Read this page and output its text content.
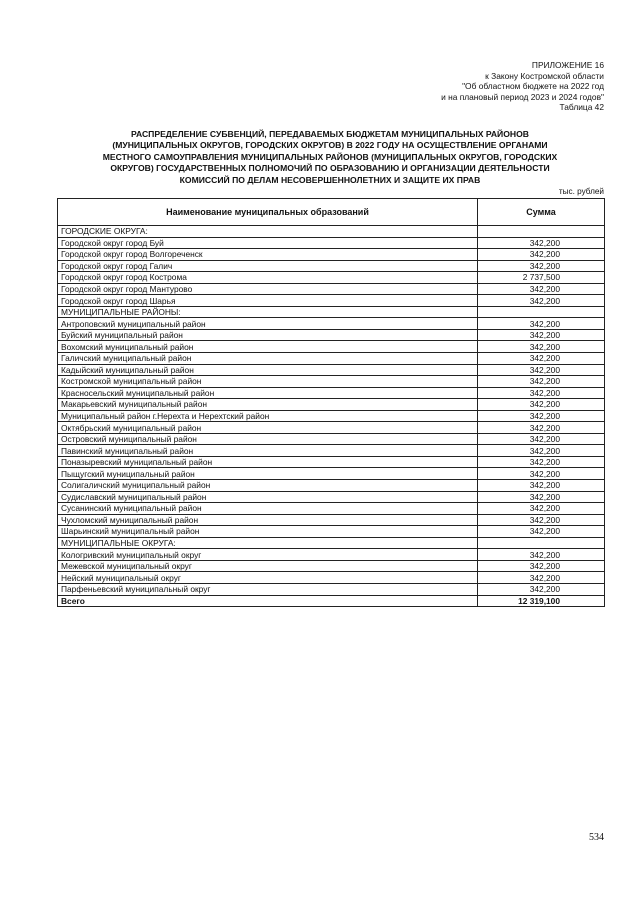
ПРИЛОЖЕНИЕ 16
к Закону Костромской области
"Об областном бюджете на 2022 год
и на плановый период 2023 и 2024 годов"
Таблица 42
РАСПРЕДЕЛЕНИЕ СУБВЕНЦИЙ, ПЕРЕДАВАЕМЫХ БЮДЖЕТАМ МУНИЦИПАЛЬНЫХ РАЙОНОВ
(МУНИЦИПАЛЬНЫХ ОКРУГОВ, ГОРОДСКИХ ОКРУГОВ) В 2022 ГОДУ НА ОСУЩЕСТВЛЕНИЕ ОРГАНАМИ
МЕСТНОГО САМОУПРАВЛЕНИЯ МУНИЦИПАЛЬНЫХ РАЙОНОВ (МУНИЦИПАЛЬНЫХ ОКРУГОВ, ГОРОДСКИХ
ОКРУГОВ) ГОСУДАРСТВЕННЫХ ПОЛНОМОЧИЙ ПО ОБРАЗОВАНИЮ И ОРГАНИЗАЦИИ ДЕЯТЕЛЬНОСТИ
КОМИССИЙ ПО ДЕЛАМ НЕСОВЕРШЕННОЛЕТНИХ И ЗАЩИТЕ ИХ ПРАВ
тыс. рублей
Наименование муниципальных образований	Сумма
ГОРОДСКИЕ ОКРУГА:	
Городской округ город Буй	342,200
Городской округ город Волгореченск	342,200
Городской округ город Галич	342,200
Городской округ город Кострома	2 737,500
Городской округ город Мантурово	342,200
Городской округ город Шарья	342,200
МУНИЦИПАЛЬНЫЕ РАЙОНЫ:	
Антроповский муниципальный район	342,200
Буйский муниципальный район	342,200
Вохомский муниципальный район	342,200
Галичский муниципальный район	342,200
Кадыйский муниципальный район	342,200
Костромской муниципальный район	342,200
Красносельский муниципальный район	342,200
Макарьевский муниципальный район	342,200
Муниципальный район г.Нерехта и Нерехтский район	342,200
Октябрьский муниципальный район	342,200
Островский муниципальный район	342,200
Павинский муниципальный район	342,200
Поназыревский муниципальный район	342,200
Пыщугский муниципальный район	342,200
Солигаличский муниципальный район	342,200
Судиславский муниципальный район	342,200
Сусанинский муниципальный район	342,200
Чухломский муниципальный район	342,200
Шарьинский муниципальный район	342,200
МУНИЦИПАЛЬНЫЕ ОКРУГА:	
Кологривский муниципальный округ	342,200
Межевской муниципальный округ	342,200
Нейский муниципальный округ	342,200
Парфеньевский муниципальный округ	342,200
Всего	12 319,100
534
